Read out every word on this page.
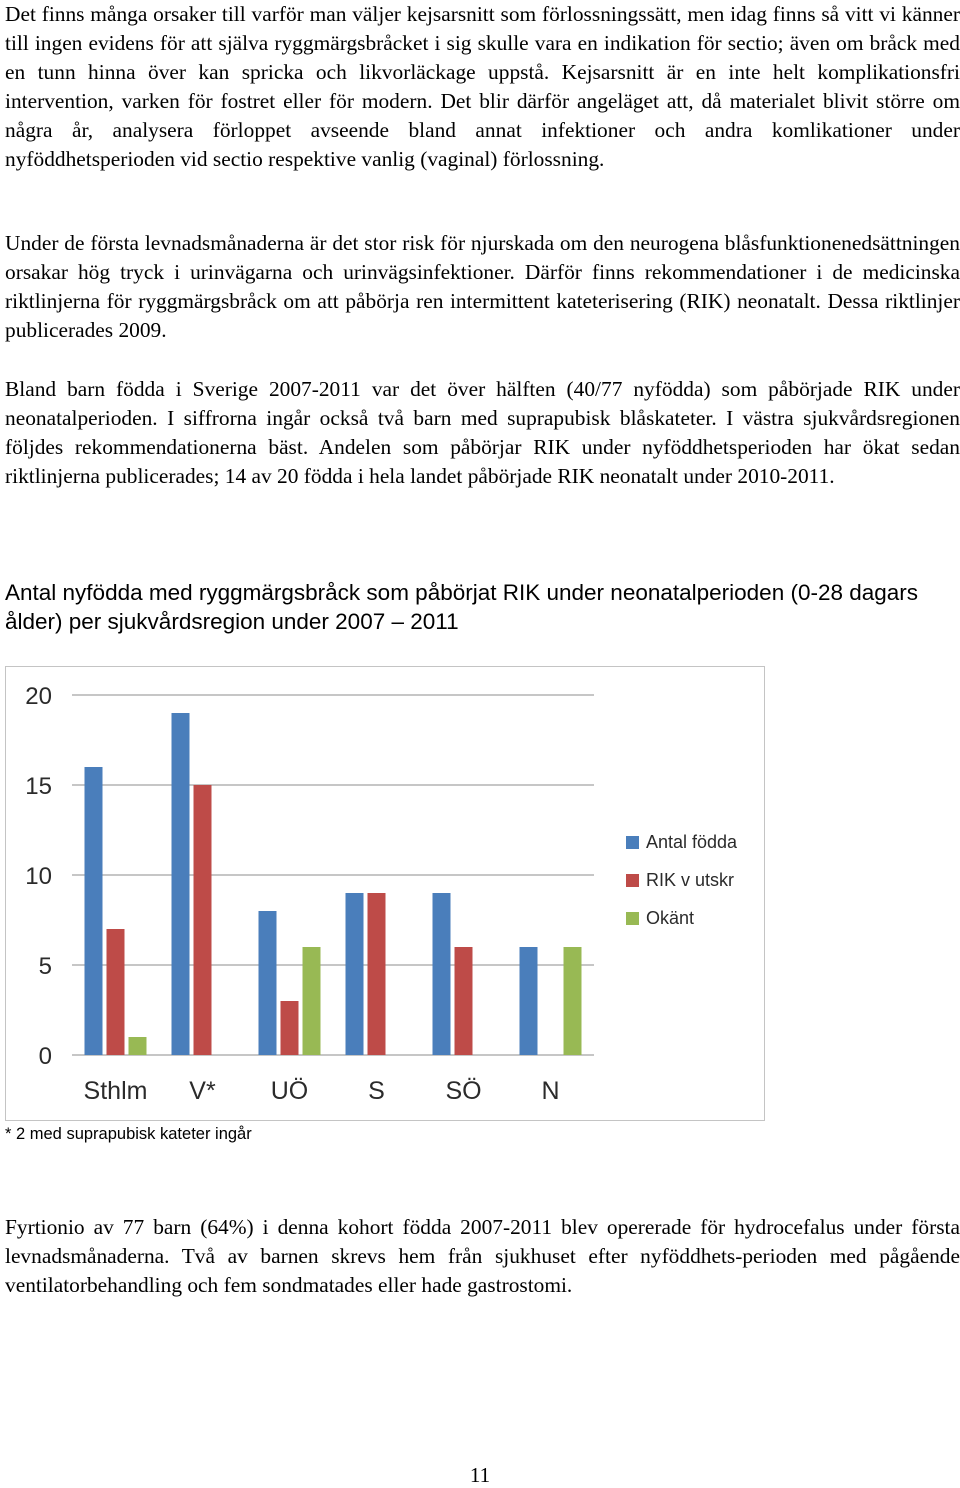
Det finns många orsaker till varför man väljer kejsarsnitt som förlossningssätt, men idag finns så vitt vi känner till ingen evidens för att själva ryggmärgsbråcket i sig skulle vara en indikation för sectio; även om bråck med en tunn hinna över kan spricka och likvorläckage uppstå. Kejsarsnitt är en inte helt komplikationsfri intervention, varken för fostret eller för modern. Det blir därför angeläget att, då materialet blivit större om några år, analysera förloppet avseende bland annat infektioner och andra komlikationer under nyföddhetsperioden vid sectio respektive vanlig (vaginal) förlossning.

Under de första levnadsmånaderna är det stor risk för njurskada om den neurogena blåsfunktionenedsättningen orsakar hög tryck i urinvägarna och urinvägsinfektioner. Därför finns rekommendationer i de medicinska riktlinjerna för ryggmärgsbråck om att påbörja ren intermittent kateterisering (RIK) neonatalt. Dessa riktlinjer publicerades 2009.

Bland barn födda i Sverige 2007-2011 var det över hälften (40/77 nyfödda) som påbörjade RIK under neonatalperioden. I siffrorna ingår också två barn med suprapubisk blåskateter. I västra sjukvårdsregionen följdes rekommendationerna bäst. Andelen som påbörjar RIK under nyföddhetsperioden har ökat sedan riktlinjerna publicerades; 14 av 20 födda i hela landet påbörjade RIK neonatalt under 2010-2011.

Antal nyfödda med ryggmärgsbråck som påbörjat RIK under neonatalperioden (0-28 dagars ålder) per sjukvårdsregion under 2007 – 2011

0
5
10
15
20
Sthlm V* UÖ S SÖ N
Antal födda
RIK v utskr
Okänt

* 2 med suprapubisk kateter ingår

Fyrtionio av 77 barn (64%) i denna kohort födda 2007-2011 blev opererade för hydrocefalus under första levnadsmånaderna. Två av barnen skrevs hem från sjukhuset efter nyföddhets-perioden med pågående ventilatorbehandling och fem sondmatades eller hade gastrostomi.

11
